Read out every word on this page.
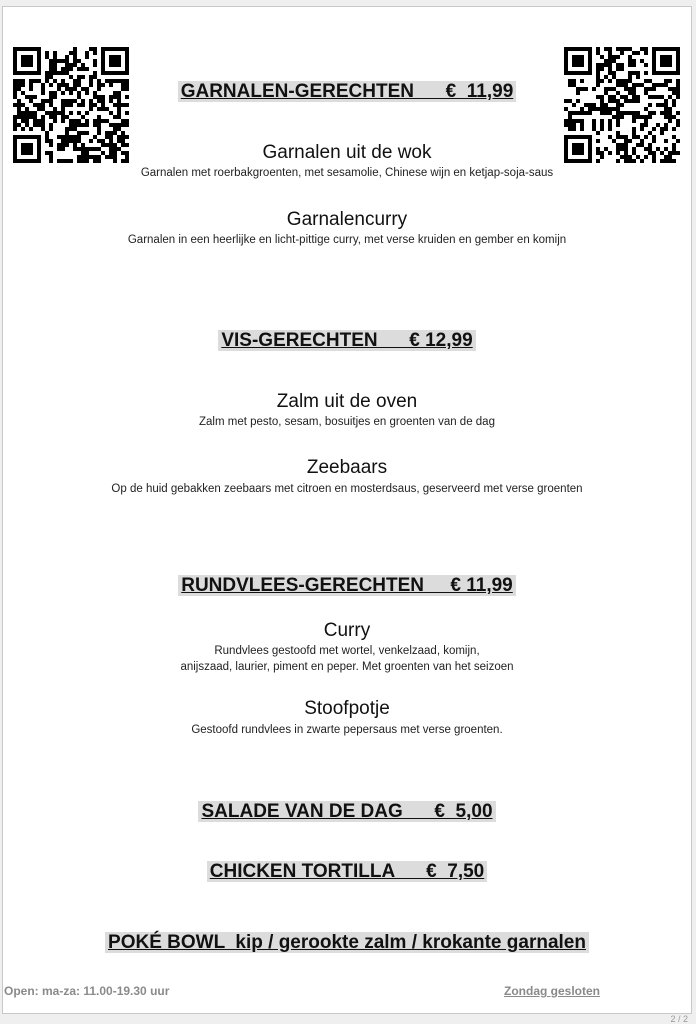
GARNALEN-GERECHTEN      €  11,99
Garnalen uit de wok
Garnalen met roerbakgroenten, met sesamolie, Chinese wijn en ketjap-soja-saus
Garnalencurry
Garnalen in een heerlijke en licht-pittige curry, met verse kruiden en gember en komijn
VIS-GERECHTEN      € 12,99
Zalm uit de oven
Zalm met pesto, sesam, bosuitjes en groenten van de dag
Zeebaars
Op de huid gebakken zeebaars met citroen en mosterdsaus, geserveerd met verse groenten
RUNDVLEES-GERECHTEN     € 11,99
Curry
Rundvlees gestoofd met wortel, venkelzaad, komijn,
anijszaad, laurier, piment en peper. Met groenten van het seizoen
Stoofpotje
Gestoofd rundvlees in zwarte pepersaus met verse groenten.
SALADE VAN DE DAG      €  5,00
CHICKEN TORTILLA      €  7,50
POKÉ BOWL  kip / gerookte zalm / krokante garnalen
Open: ma-za: 11.00-19.30 uur	Zondag gesloten
2 / 2
